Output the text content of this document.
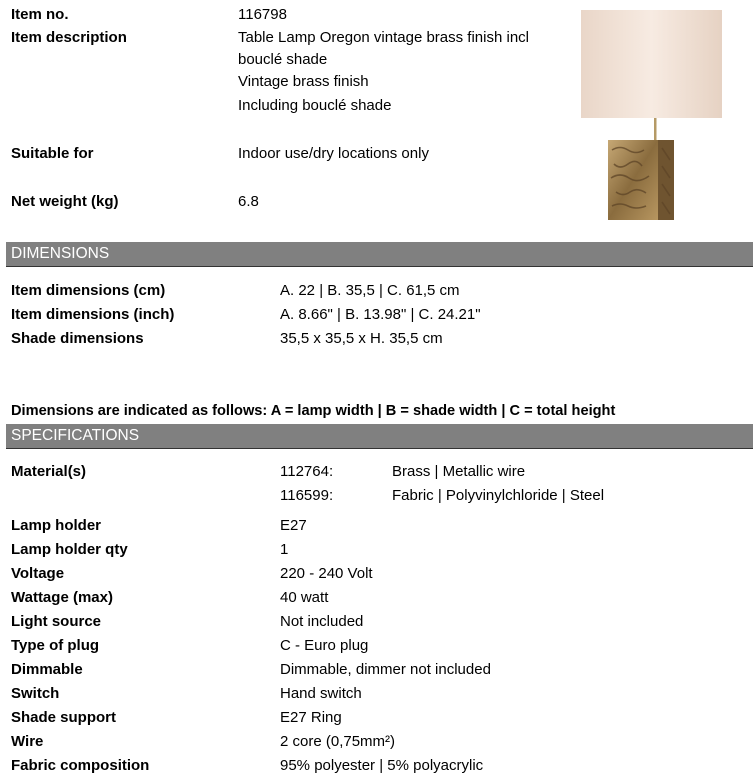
Item no.	116798
Item description	Table Lamp Oregon vintage brass finish incl
bouclé shade
Vintage brass finish
Including bouclé shade
Suitable for	Indoor use/dry locations only
Net weight (kg)	6.8
DIMENSIONS
Item dimensions (cm)	A. 22 | B. 35,5 | C. 61,5 cm
Item dimensions (inch)	A. 8.66" | B. 13.98" | C. 24.21"
Shade dimensions	35,5 x 35,5 x H. 35,5 cm
Dimensions are indicated as follows: A = lamp width | B = shade width | C = total height
SPECIFICATIONS
Material(s)	112764:	Brass | Metallic wire
116599:	Fabric | Polyvinylchloride | Steel
Lamp holder	E27
Lamp holder qty	1
Voltage	220 - 240 Volt
Wattage (max)	40 watt
Light source	Not included
Type of plug	C - Euro plug
Dimmable	Dimmable, dimmer not included
Switch	Hand switch
Shade support	E27 Ring
Wire	2 core (0,75mm²)
Fabric composition	95% polyester | 5% polyacrylic
